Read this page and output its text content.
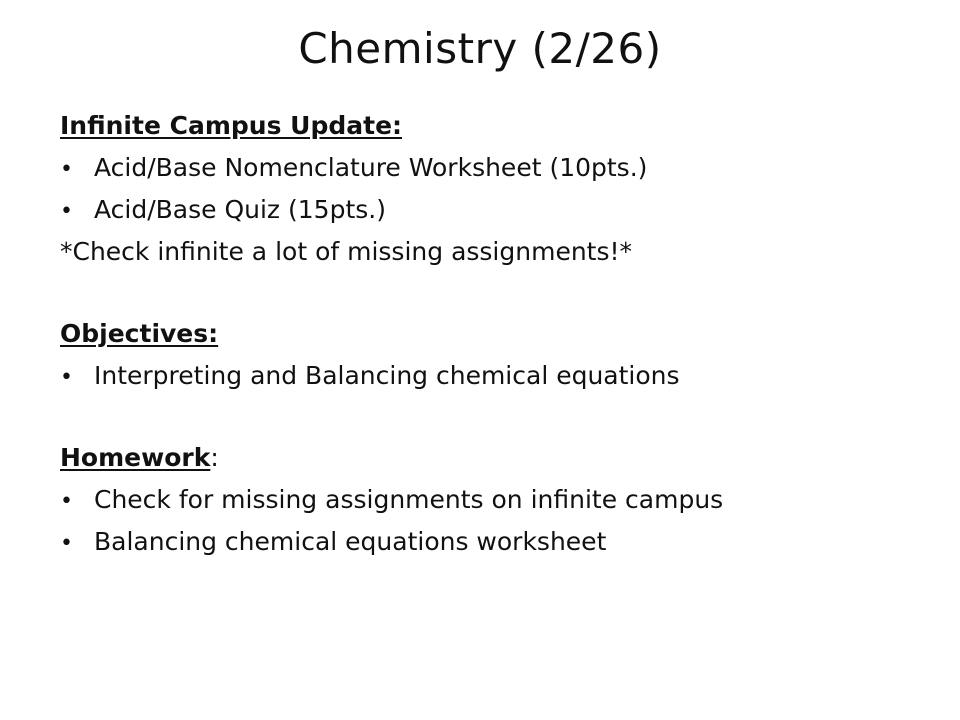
Chemistry (2/26)
Infinite Campus Update:
• Acid/Base Nomenclature Worksheet (10pts.)
• Acid/Base Quiz (15pts.)
*Check infinite a lot of missing assignments!*
Objectives:
• Interpreting and Balancing chemical equations
Homework:
• Check for missing assignments on infinite campus
• Balancing chemical equations worksheet
